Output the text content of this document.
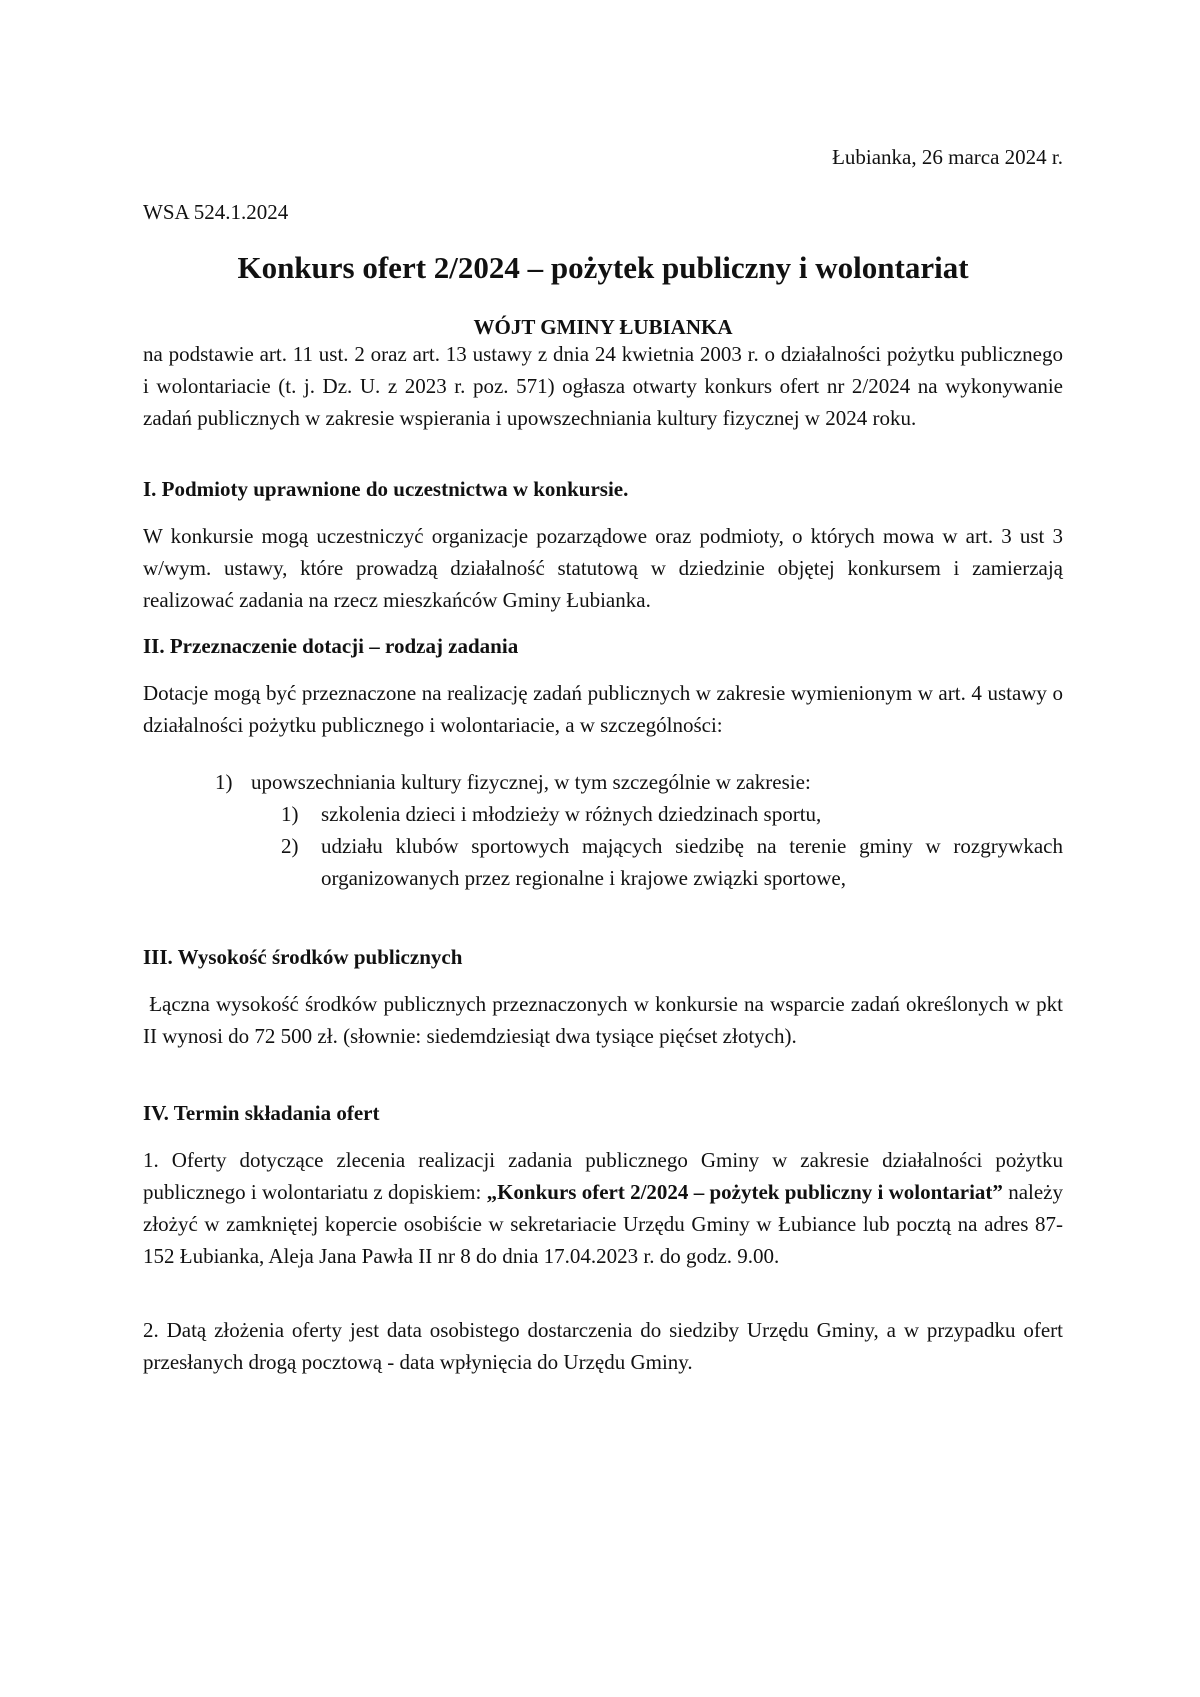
Łubianka, 26 marca 2024 r.
WSA 524.1.2024
Konkurs ofert 2/2024 – pożytek publiczny i wolontariat
WÓJT GMINY ŁUBIANKA

na podstawie art. 11 ust. 2 oraz art. 13 ustawy z dnia 24 kwietnia 2003 r. o działalności pożytku publicznego i wolontariacie (t. j. Dz. U. z 2023 r. poz. 571) ogłasza otwarty konkurs ofert nr 2/2024 na wykonywanie zadań publicznych w zakresie wspierania i upowszechniania kultury fizycznej w 2024 roku.

I. Podmioty uprawnione do uczestnictwa w konkursie.

W konkursie mogą uczestniczyć organizacje pozarządowe oraz podmioty, o których mowa w art. 3 ust 3 w/wym. ustawy, które prowadzą działalność statutową w dziedzinie objętej konkursem i zamierzają realizować zadania na rzecz mieszkańców Gminy Łubianka.

II. Przeznaczenie dotacji – rodzaj zadania

Dotacje mogą być przeznaczone na realizację zadań publicznych w zakresie wymienionym w art. 4 ustawy o działalności pożytku publicznego i wolontariacie, a w szczególności:

1) upowszechniania kultury fizycznej, w tym szczególnie w zakresie:
1)	szkolenia dzieci i młodzieży w różnych dziedzinach sportu,
2)	udziału klubów sportowych mających siedzibę na terenie gminy w rozgrywkach organizowanych przez regionalne i krajowe związki sportowe,
III. Wysokość środków publicznych

Łączna wysokość środków publicznych przeznaczonych w konkursie na wsparcie zadań określonych w pkt II wynosi do 72 500 zł. (słownie: siedemdziesiąt dwa tysiące pięćset złotych).

IV. Termin składania ofert

1. Oferty dotyczące zlecenia realizacji zadania publicznego Gminy w zakresie działalności pożytku publicznego i wolontariatu z dopiskiem: „Konkurs ofert 2/2024 – pożytek publiczny i wolontariat” należy złożyć w zamkniętej kopercie osobiście w sekretariacie Urzędu Gminy w Łubiance lub pocztą na adres 87-152 Łubianka, Aleja Jana Pawła II nr 8 do dnia 17.04.2023 r. do godz. 9.00.

2. Datą złożenia oferty jest data osobistego dostarczenia do siedziby Urzędu Gminy, a w przypadku ofert przesłanych drogą pocztową - data wpłynięcia do Urzędu Gminy.
